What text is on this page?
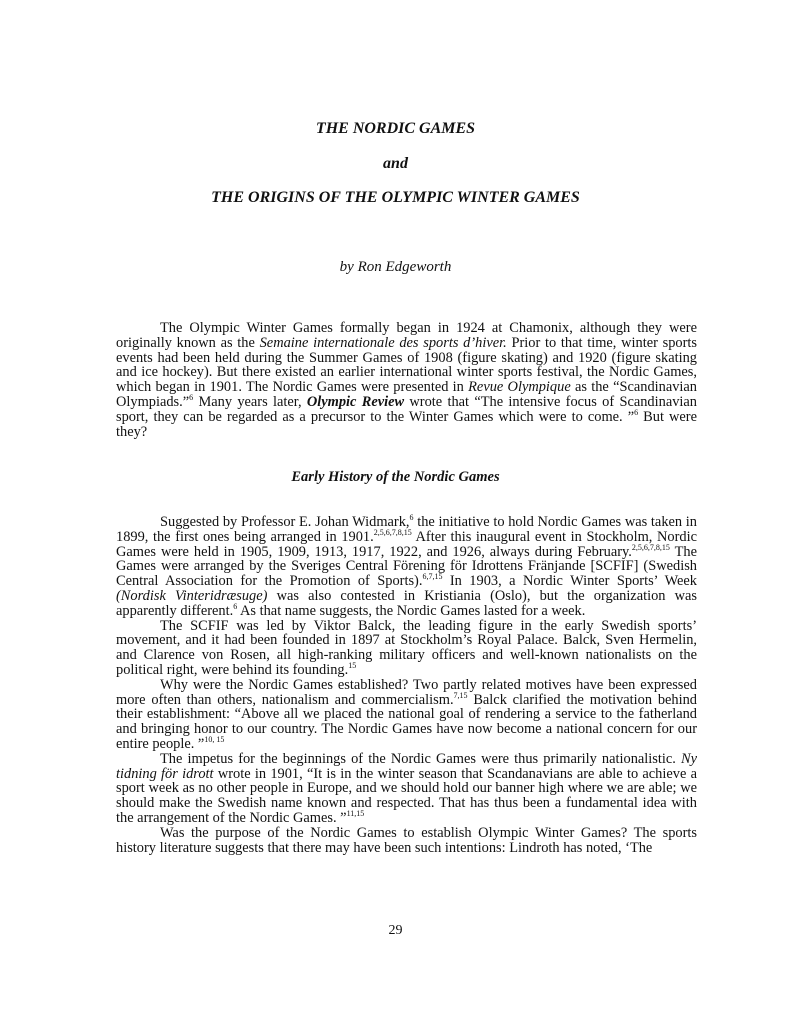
THE NORDIC GAMES
and
THE ORIGINS OF THE OLYMPIC WINTER GAMES
by Ron Edgeworth

The Olympic Winter Games formally began in 1924 at Chamonix, although they were originally known as the Semaine internationale des sports d’hiver. Prior to that time, winter sports events had been held during the Summer Games of 1908 (figure skating) and 1920 (figure skating and ice hockey). But there existed an earlier international winter sports festival, the Nordic Games, which began in 1901. The Nordic Games were presented in Revue Olympique as the “Scandinavian Olympiads.”$^6$ Many years later, Olympic Review wrote that “The intensive focus of Scandinavian sport, they can be regarded as a precursor to the Winter Games which were to come. ”$^6$ But were they?

Early History of the Nordic Games

Suggested by Professor E. Johan Widmark,$^6$ the initiative to hold Nordic Games was taken in 1899, the first ones being arranged in 1901.$^{2,5,6,7,8,15}$ After this inaugural event in Stockholm, Nordic Games were held in 1905, 1909, 1913, 1917, 1922, and 1926, always during February.$^{2,5,6,7,8,15}$ The Games were arranged by the Sveriges Central Förening för Idrottens Fränjande [SCFIF] (Swedish Central Association for the Promotion of Sports).$^{6,7,15}$ In 1903, a Nordic Winter Sports’ Week (Nordisk Vinteridræsuge) was also contested in Kristiania (Oslo), but the organization was apparently different.$^6$ As that name suggests, the Nordic Games lasted for a week.

The SCFIF was led by Viktor Balck, the leading figure in the early Swedish sports’ movement, and it had been founded in 1897 at Stockholm’s Royal Palace. Balck, Sven Hermelin, and Clarence von Rosen, all high-ranking military officers and well-known nationalists on the political right, were behind its founding.$^{15}$

Why were the Nordic Games established? Two partly related motives have been expressed more often than others, nationalism and commercialism.$^{7,15}$ Balck clarified the motivation behind their establishment: “Above all we placed the national goal of rendering a service to the fatherland and bringing honor to our country. The Nordic Games have now become a national concern for our entire people. ”$^{10, 15}$

The impetus for the beginnings of the Nordic Games were thus primarily nationalistic. Ny tidning för idrott wrote in 1901, “It is in the winter season that Scandanavians are able to achieve a sport week as no other people in Europe, and we should hold our banner high where we are able; we should make the Swedish name known and respected. That has thus been a fundamental idea with the arrangement of the Nordic Games. ”$^{11,15}$

Was the purpose of the Nordic Games to establish Olympic Winter Games? The sports history literature suggests that there may have been such intentions: Lindroth has noted, ‘The

29
